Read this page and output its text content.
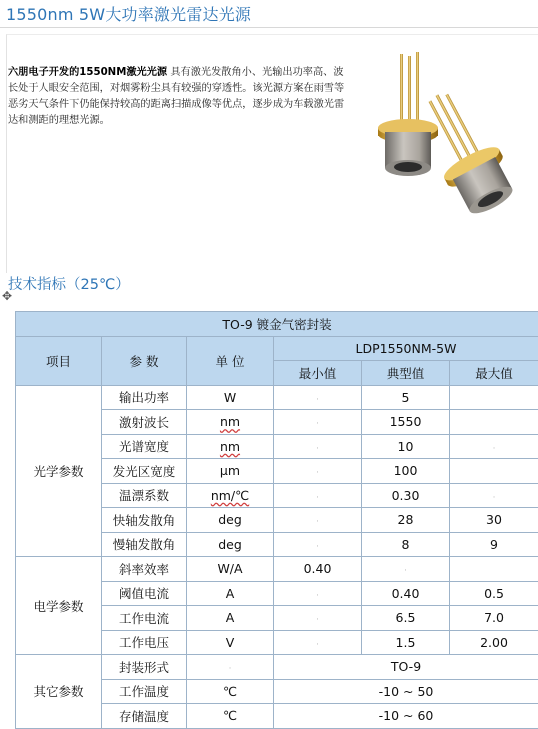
1550nm 5W大功率激光雷达光源
六朋电子开发的1550NM激光光源 具有激光发散角小、光输出功率高、波长处于人眼安全范围，对烟雾粉尘具有较强的穿透性。该光源方案在雨雪等恶劣天气条件下仍能保持较高的距离扫描成像等优点，逐步成为车载激光雷达和测距的理想光源。
技术指标（25℃）
✥
TO-9 镀金气密封装					
项目	参 数	单 位	LDP1550NM-5W		
			最小值	典型值	最大值
光学参数	输出功率	W	·	5	
	激射波长	nm	·	1550	
	光谱宽度	nm	·	10	·
	发光区宽度	μm	·	100	
	温漂系数	nm/℃	·	0.30	·
	快轴发散角	deg	·	28	30
	慢轴发散角	deg	·	8	9
电学参数	斜率效率	W/A	0.40	·	
	阈值电流	A	·	0.40	0.5
	工作电流	A	·	6.5	7.0
	工作电压	V	·	1.5	2.00
其它参数	封装形式	·	TO-9		
	工作温度	℃	-10 ~ 50		
	存储温度	℃	-10 ~ 60		
